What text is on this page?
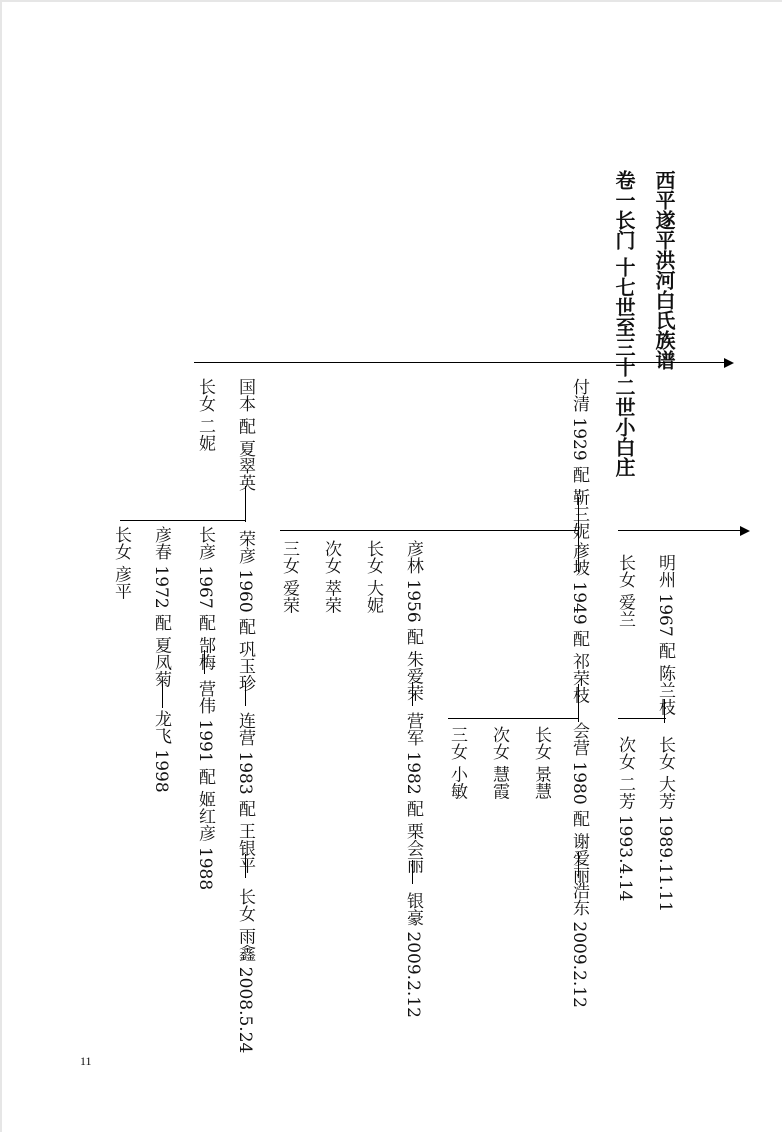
西平遂平洪河白氏族谱
卷一长门 十七世至三十二世小白庄
付清 1929 配 靳三妮
国本 配 夏翠英
长女 二妮
明州 1967 配 陈兰枝
长女 爱兰
彦坡 1949 配 祁荣枝
彦林 1956 配 朱爱荣
长女 大妮
次女 萃荣
三女 爱荣
荣彦 1960 配 巩玉珍
长彦 1967 配 郜梅
彦春 1972 配 夏凤菊
长女 彦平
长女 大芳 1989.11.11
次女 二芳 1993.4.14
会营 1980 配 谢爱丽
长女 景慧
次女 慧霞
三女 小敏
营军 1982 配 栗会丽
连营 1983 配 王银平
营伟 1991 配 姬红彦 1988
龙飞 1998
浩东 2009.2.12
银豪 2009.2.12
长女 雨鑫 2008.5.24
11
